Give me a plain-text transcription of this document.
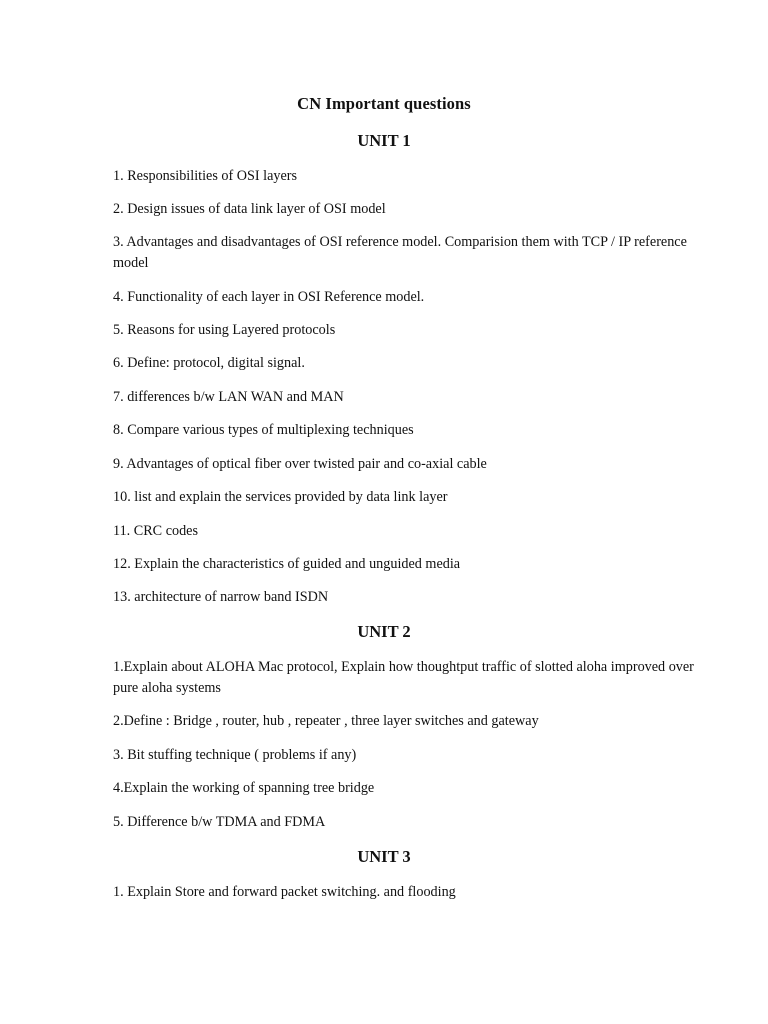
CN Important questions
UNIT 1
1. Responsibilities of OSI layers
2. Design issues of data link layer of OSI model
3. Advantages and disadvantages of OSI reference model. Comparision them with TCP / IP reference model
4. Functionality of each layer in OSI Reference model.
5. Reasons for using Layered protocols
6. Define: protocol, digital signal.
7. differences b/w LAN WAN and MAN
8. Compare various types of multiplexing techniques
9. Advantages of optical fiber over twisted pair and co-axial cable
10. list and explain the services provided by data link layer
11. CRC codes
12. Explain the characteristics of guided and unguided media
13. architecture of narrow band ISDN
UNIT 2
1.Explain about ALOHA Mac protocol, Explain how thoughtput traffic of slotted aloha improved over pure aloha systems
2.Define : Bridge , router, hub , repeater , three layer switches and gateway
3. Bit stuffing technique ( problems if any)
4.Explain the working of spanning tree bridge
5. Difference b/w TDMA and FDMA
UNIT 3
1. Explain Store and forward packet switching. and flooding
